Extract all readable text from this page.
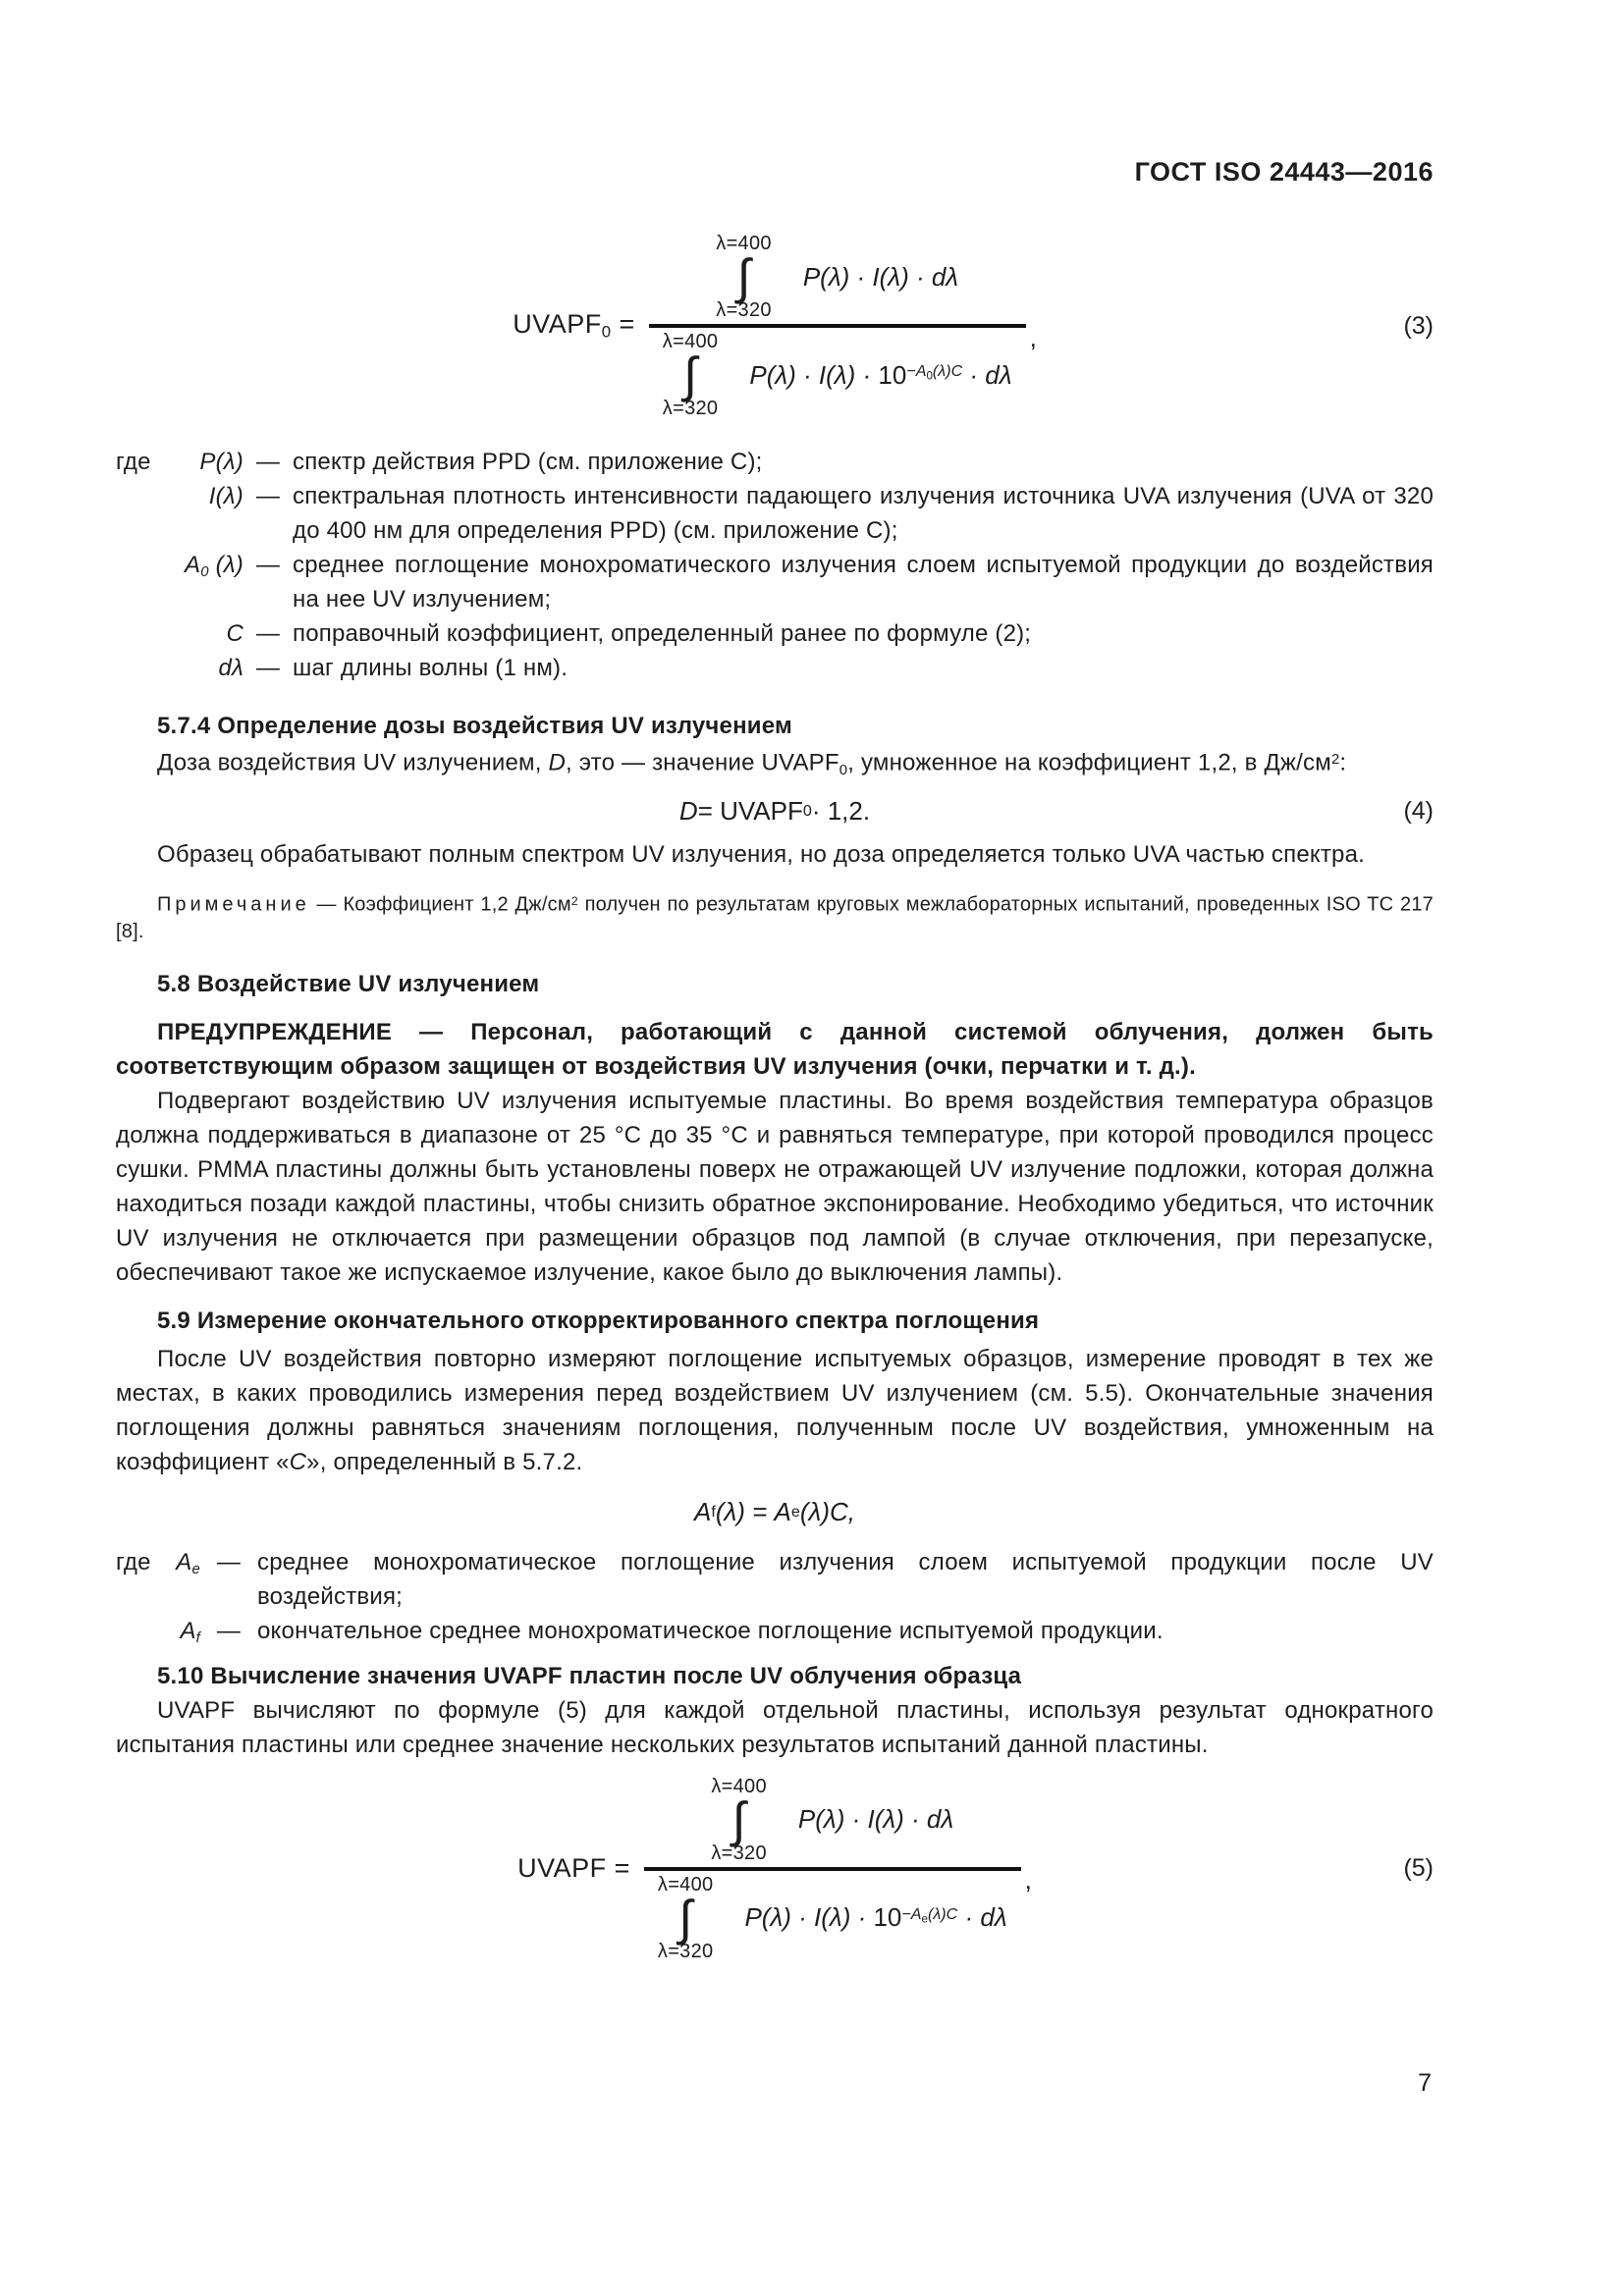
ГОСТ ISO 24443—2016
UVAPF0 =
λ=400
∫
λ=320
P(λ) · I(λ) · dλ
λ=400
∫
λ=320
$P(\lambda) \cdot I(\lambda) \cdot 10^{-A_0(\lambda)C} \cdot d\lambda$
,	(3)
где P(λ) — спектр действия PPD (см. приложение C);
I(λ) — спектральная плотность интенсивности падающего излучения источника UVA излучения (UVA от 320 до 400 нм для определения PPD) (см. приложение C);
A0 (λ) — среднее поглощение монохроматического излучения слоем испытуемой продукции до воздействия на нее UV излучением;
C — поправочный коэффициент, определенный ранее по формуле (2);
dλ — шаг длины волны (1 нм).
5.7.4 Определение дозы воздействия UV излучением

Доза воздействия UV излучением, D, это — значение UVAPF0, умноженное на коэффициент 1,2, в $Дж/см^2$:

D = UVAPF 0 · 1,2.	(4)

Образец обрабатывают полным спектром UV излучения, но доза определяется только UVA частью спектра.

Примечание — Коэффициент 1,2 $Дж/см^2$ получен по результатам круговых межлабораторных испытаний, проведенных ISO TC 217 [8].

5.8 Воздействие UV излучением

ПРЕДУПРЕЖДЕНИЕ — Персонал, работающий с данной системой облучения, должен быть соответствующим образом защищен от воздействия UV излучения (очки, перчатки и т. д.).

Подвергают воздействию UV излучения испытуемые пластины. Во время воздействия температура образцов должна поддерживаться в диапазоне от 25 °C до 35 °C и равняться температуре, при которой проводился процесс сушки. PMMA пластины должны быть установлены поверх не отражающей UV излучение подложки, которая должна находиться позади каждой пластины, чтобы снизить обратное экспонирование. Необходимо убедиться, что источник UV излучения не отключается при размещении образцов под лампой (в случае отключения, при перезапуске, обеспечивают такое же испускаемое излучение, какое было до выключения лампы).

5.9 Измерение окончательного откорректированного спектра поглощения

После UV воздействия повторно измеряют поглощение испытуемых образцов, измерение проводят в тех же местах, в каких проводились измерения перед воздействием UV излучением (см. 5.5). Окончательные значения поглощения должны равняться значениям поглощения, полученным после UV воздействия, умноженным на коэффициент «C», определенный в 5.7.2.

A f (λ) = A e (λ)C,
где Ae — среднее монохроматическое поглощение излучения слоем испытуемой продукции после UV воздействия;
Af — окончательное среднее монохроматическое поглощение испытуемой продукции.
5.10 Вычисление значения UVAPF пластин после UV облучения образца

UVAPF вычисляют по формуле (5) для каждой отдельной пластины, используя результат однократного испытания пластины или среднее значение нескольких результатов испытаний данной пластины.

UVAPF =
λ=400
∫
λ=320
P(λ) · I(λ) · dλ
λ=400
∫
λ=320
$P(\lambda) \cdot I(\lambda) \cdot 10^{-A_e(\lambda)C} \cdot d\lambda$
,	(5)
7
